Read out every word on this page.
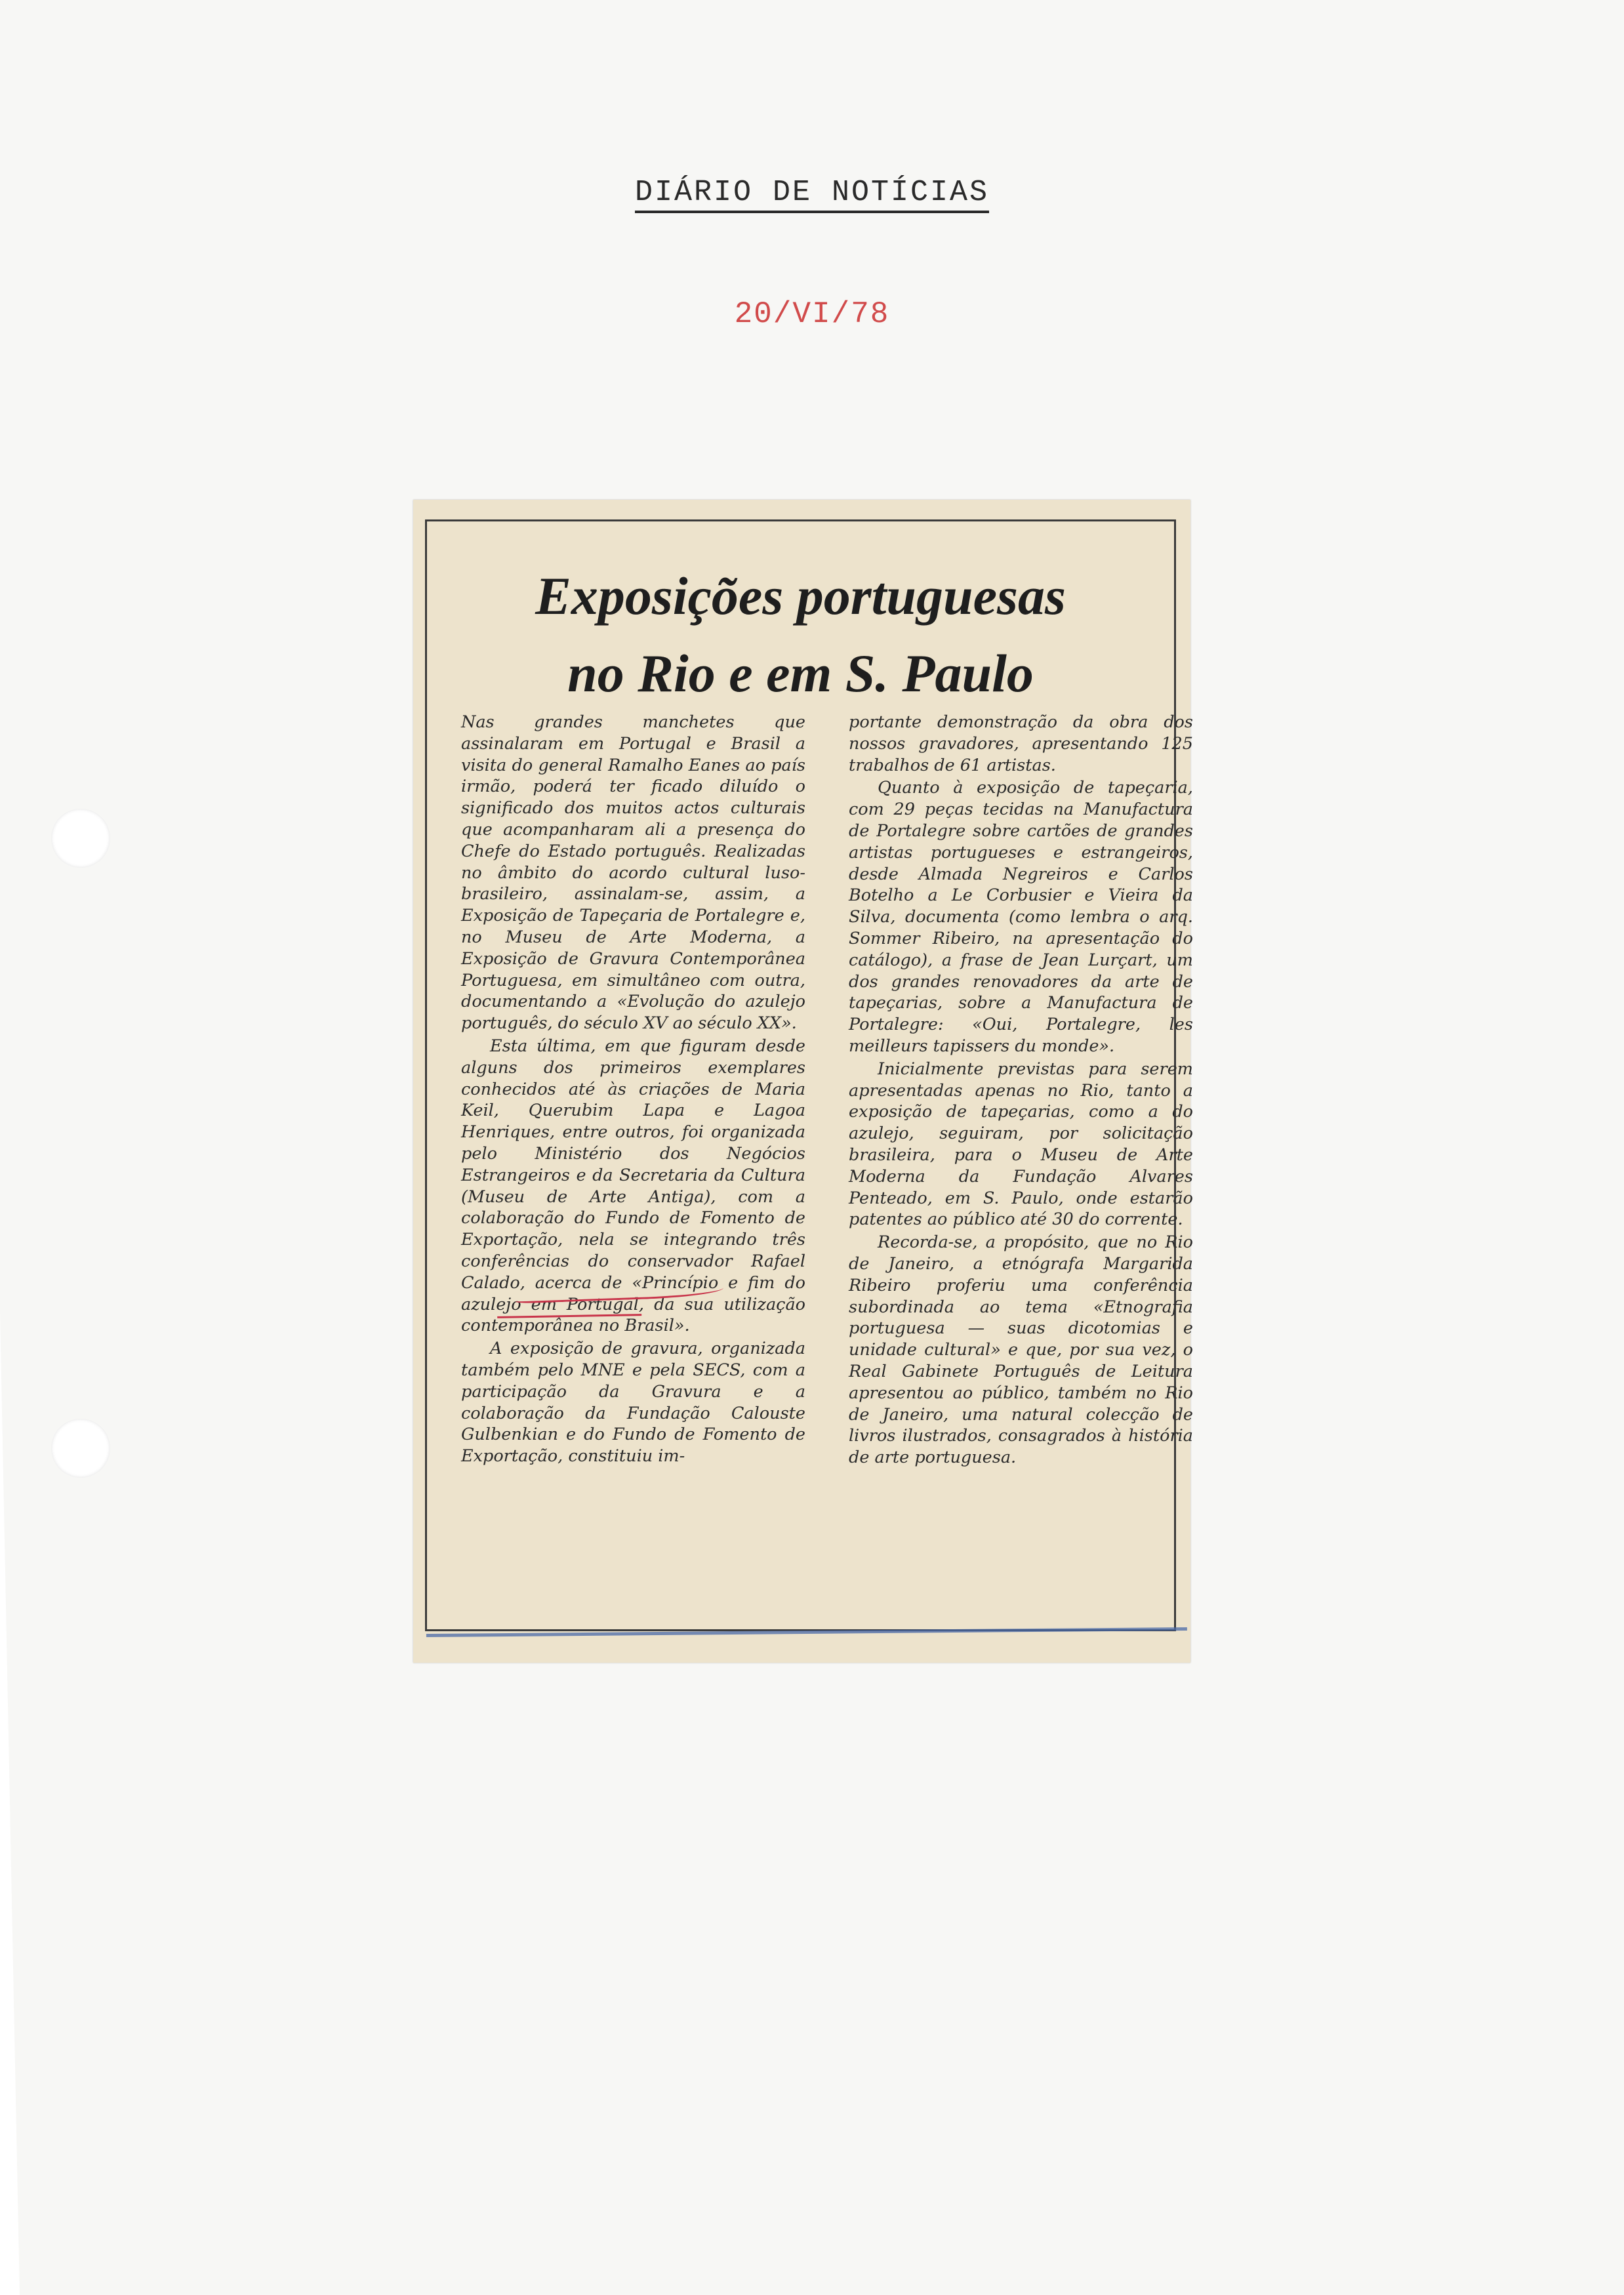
DIÁRIO DE NOTÍCIAS
20/VI/78
Exposições portuguesas
no Rio e em S. Paulo

Nas grandes manchetes que assinalaram em Portugal e Brasil a visita do general Ramalho Eanes ao país irmão, poderá ter ficado diluído o significado dos muitos actos culturais que acompanharam ali a presença do Chefe do Estado português. Realizadas no âmbito do acordo cultural luso-brasileiro, assinalam-se, assim, a Exposição de Tapeçaria de Portalegre e, no Museu de Arte Moderna, a Exposição de Gravura Contemporânea Portuguesa, em simultâneo com outra, documentando a «Evolução do azulejo português, do século XV ao século XX».

Esta última, em que figuram desde alguns dos primeiros exemplares conhecidos até às criações de Maria Keil, Querubim Lapa e Lagoa Henriques, entre outros, foi organizada pelo Ministério dos Negócios Estrangeiros e da Secretaria da Cultura (Museu de Arte Antiga), com a colaboração do Fundo de Fomento de Exportação, nela se integrando três conferências do conservador Rafael Calado, acerca de «Princípio e fim do azulejo em Portugal, da sua utilização contemporânea no Brasil».

A exposição de gravura, organizada também pelo MNE e pela SECS, com a participação da Gravura e a colaboração da Fundação Calouste Gulbenkian e do Fundo de Fomento de Exportação, constituiu im-

portante demonstração da obra dos nossos gravadores, apresentando 125 trabalhos de 61 artistas.

Quanto à exposição de tapeçaria, com 29 peças tecidas na Manufactura de Portalegre sobre cartões de grandes artistas portugueses e estrangeiros, desde Almada Negreiros e Carlos Botelho a Le Corbusier e Vieira da Silva, documenta (como lembra o arq. Sommer Ribeiro, na apresentação do catálogo), a frase de Jean Lurçart, um dos grandes renovadores da arte de tapeçarias, sobre a Manufactura de Portalegre: «Oui, Portalegre, les meilleurs tapissers du monde».

Inicialmente previstas para serem apresentadas apenas no Rio, tanto a exposição de tapeçarias, como a do azulejo, seguiram, por solicitação brasileira, para o Museu de Arte Moderna da Fundação Alvares Penteado, em S. Paulo, onde estarão patentes ao público até 30 do corrente.

Recorda-se, a propósito, que no Rio de Janeiro, a etnógrafa Margarida Ribeiro proferiu uma conferência subordinada ao tema «Etnografia portuguesa — suas dicotomias e unidade cultural» e que, por sua vez, o Real Gabinete Português de Leitura apresentou ao público, também no Rio de Janeiro, uma natural colecção de livros ilustrados, consagrados à história de arte portuguesa.
